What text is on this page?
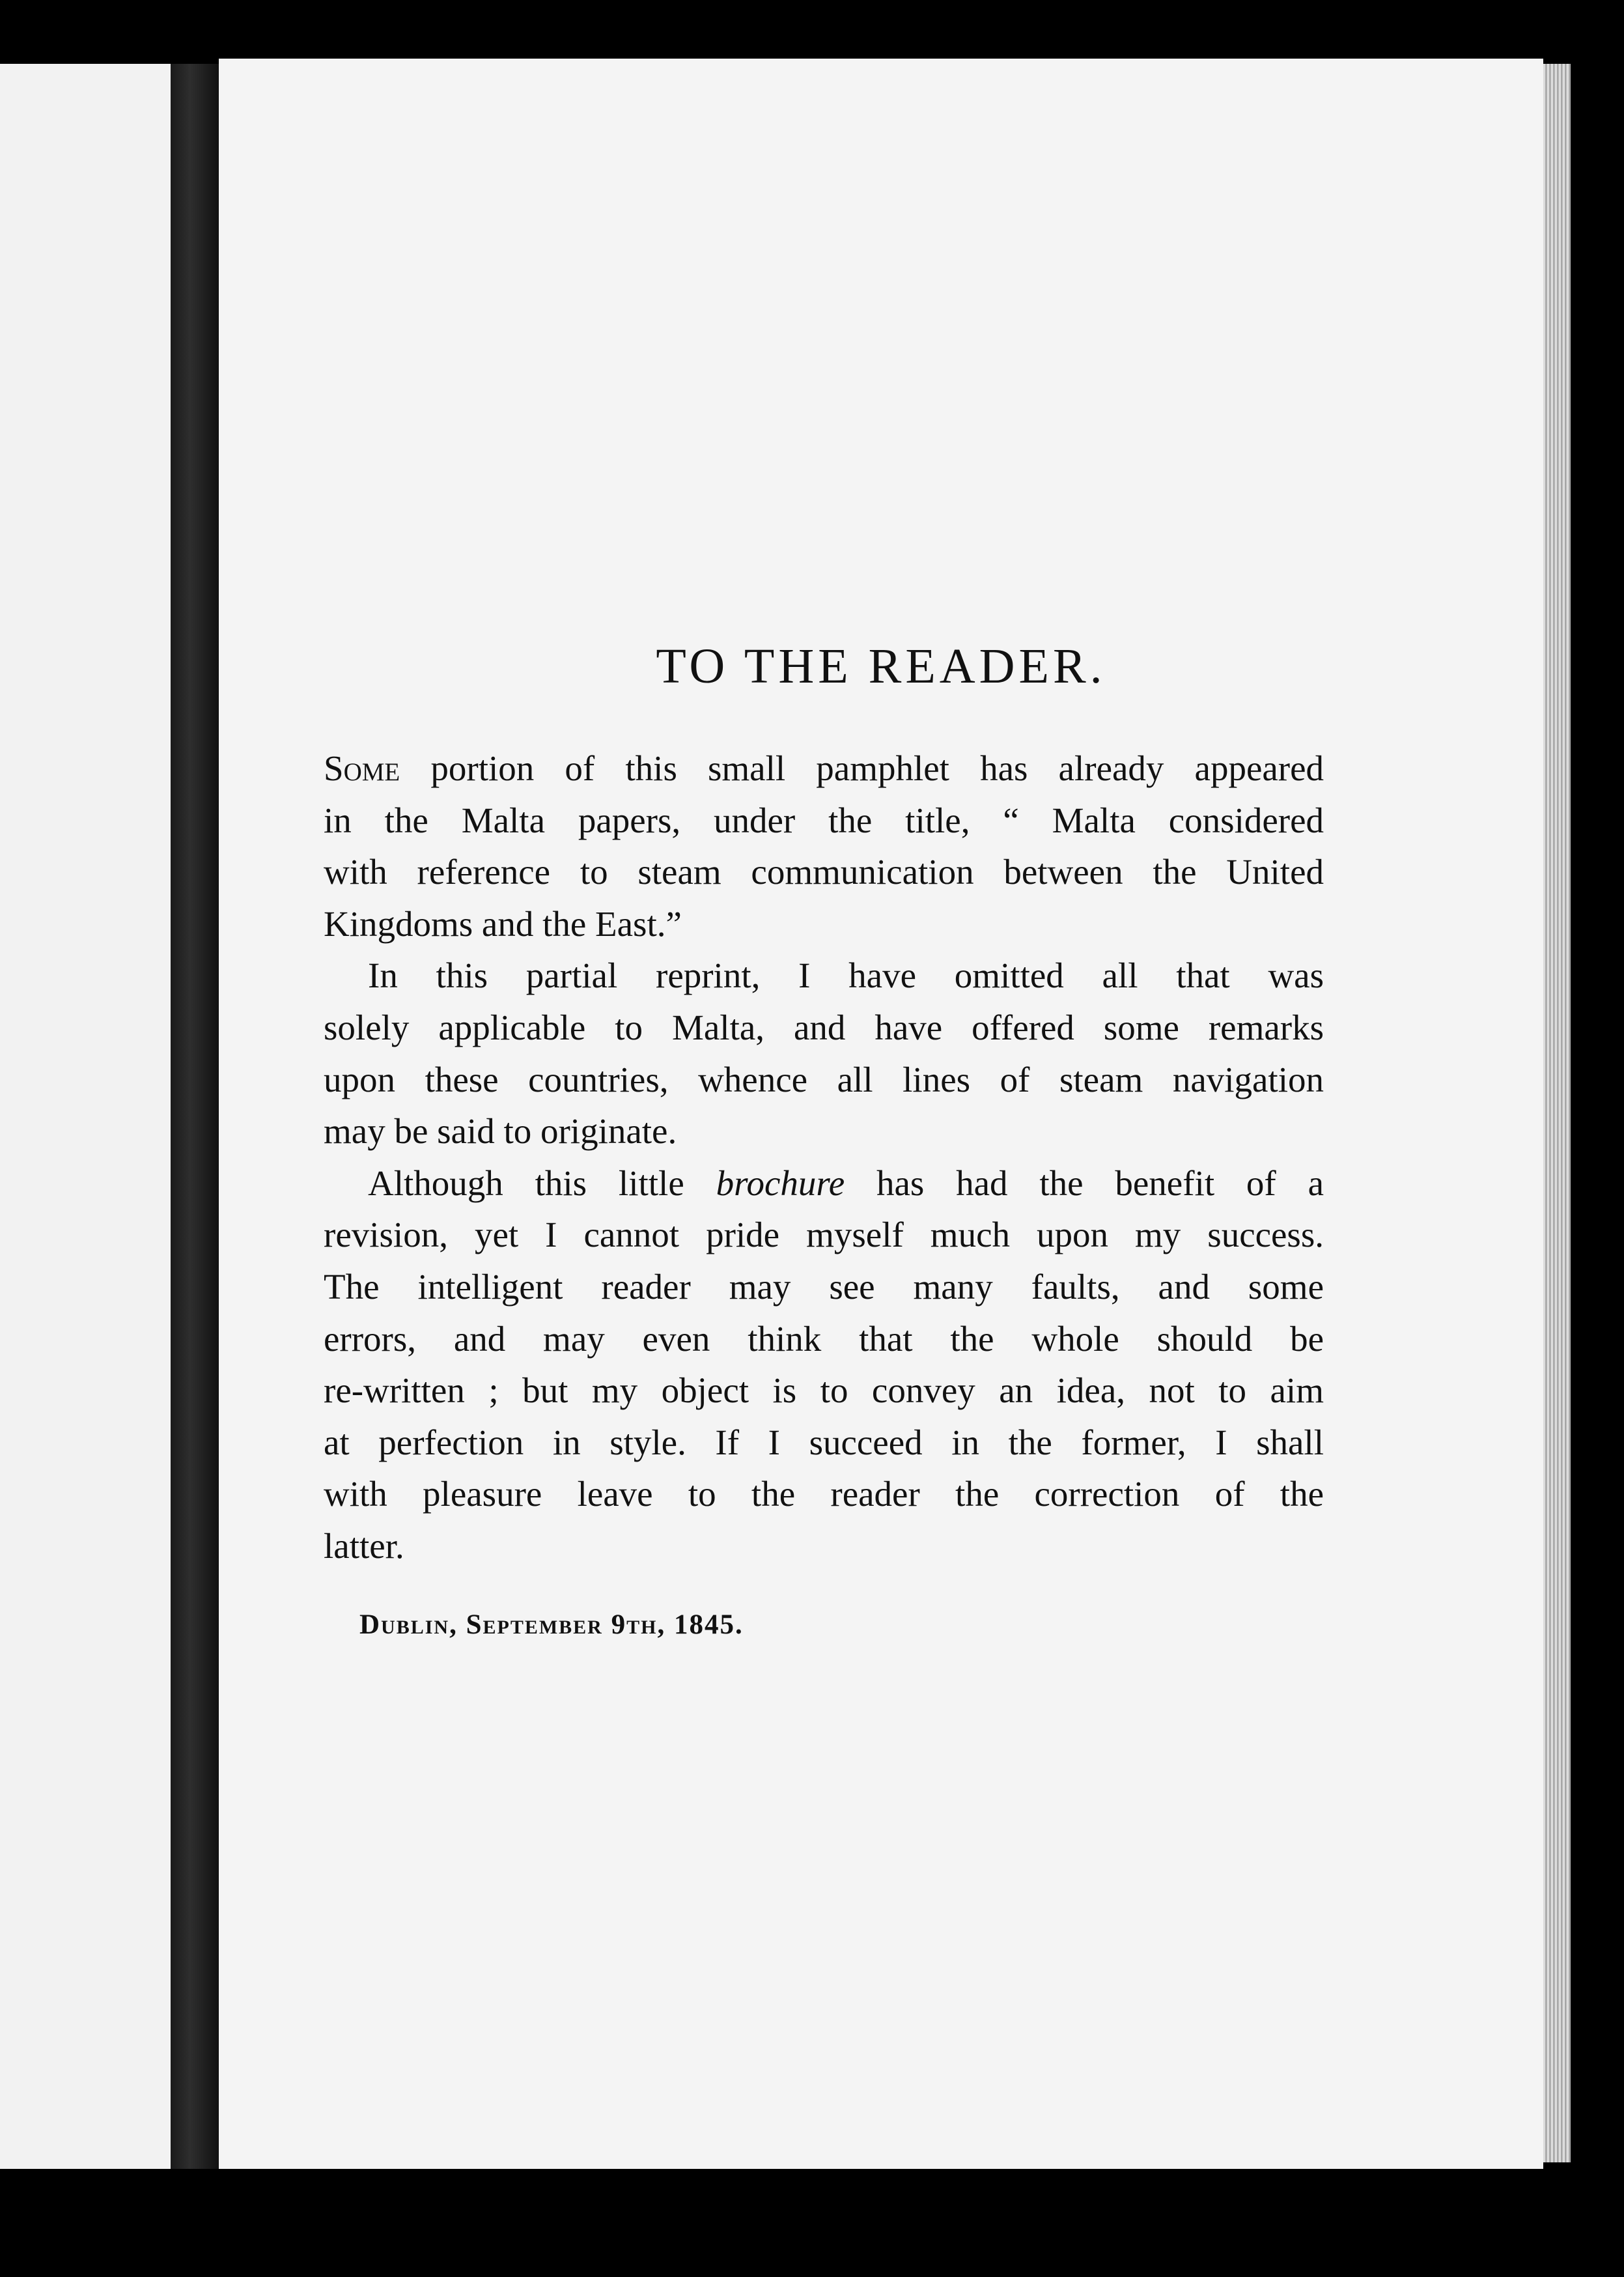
TO THE READER.

Some portion of this small pamphlet has already appeared
in the Malta papers, under the title, “ Malta considered
with reference to steam communication between the United
Kingdoms and the East.”

In this partial reprint, I have omitted all that was
solely applicable to Malta, and have offered some remarks
upon these countries, whence all lines of steam navigation
may be said to originate.

Although this little brochure has had the benefit of a
revision, yet I cannot pride myself much upon my success.
The intelligent reader may see many faults, and some
errors, and may even think that the whole should be
re-written ; but my object is to convey an idea, not to aim
at perfection in style. If I succeed in the former, I shall
with pleasure leave to the reader the correction of the
latter.

Dublin, September 9th, 1845.
